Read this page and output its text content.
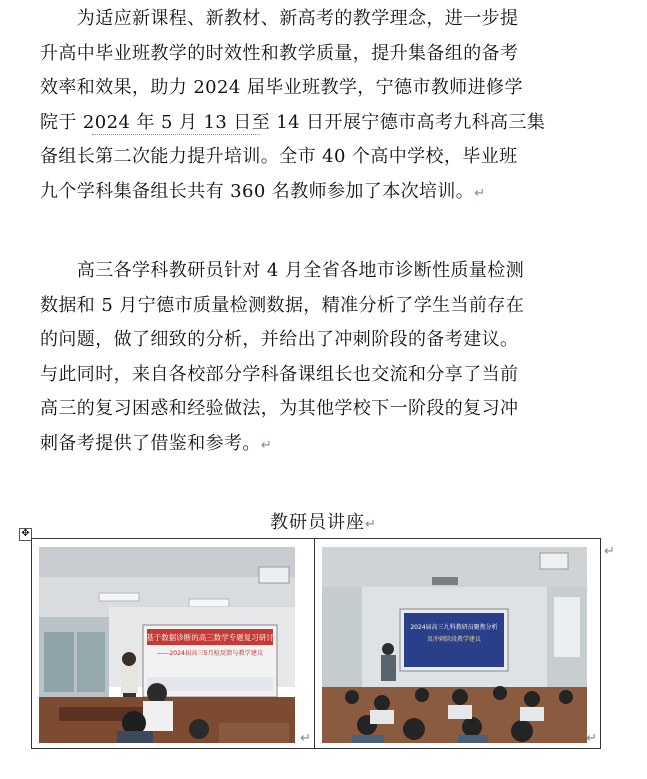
　　为适应新课程、新教材、新高考的教学理念，进一步提
升高中毕业班教学的时效性和教学质量，提升集备组的备考
效率和效果，助力 2024 届毕业班教学，宁德市教师进修学
院于 2024 年 5 月 13 日至 14 日开展宁德市高考九科高三集
备组长第二次能力提升培训。全市 40 个高中学校，毕业班
九个学科集备组长共有 360 名教师参加了本次培训。↵
　　高三各学科教研员针对 4 月全省各地市诊断性质量检测
数据和 5 月宁德市质量检测数据，精准分析了学生当前存在
的问题，做了细致的分析，并给出了冲刺阶段的备考建议。
与此同时，来自各校部分学科备课组长也交流和分享了当前
高三的复习困惑和经验做法，为其他学校下一阶段的复习冲
刺备考提供了借鉴和参考。↵
教研员讲座↵
✥
基于数据诊断的高三数学专题复习研讨
——2024届高三5月检反馈与教学建议
↵
2024届高三九科教研员聚焦分析
及冲刺阶段教学建议
↵
↵
